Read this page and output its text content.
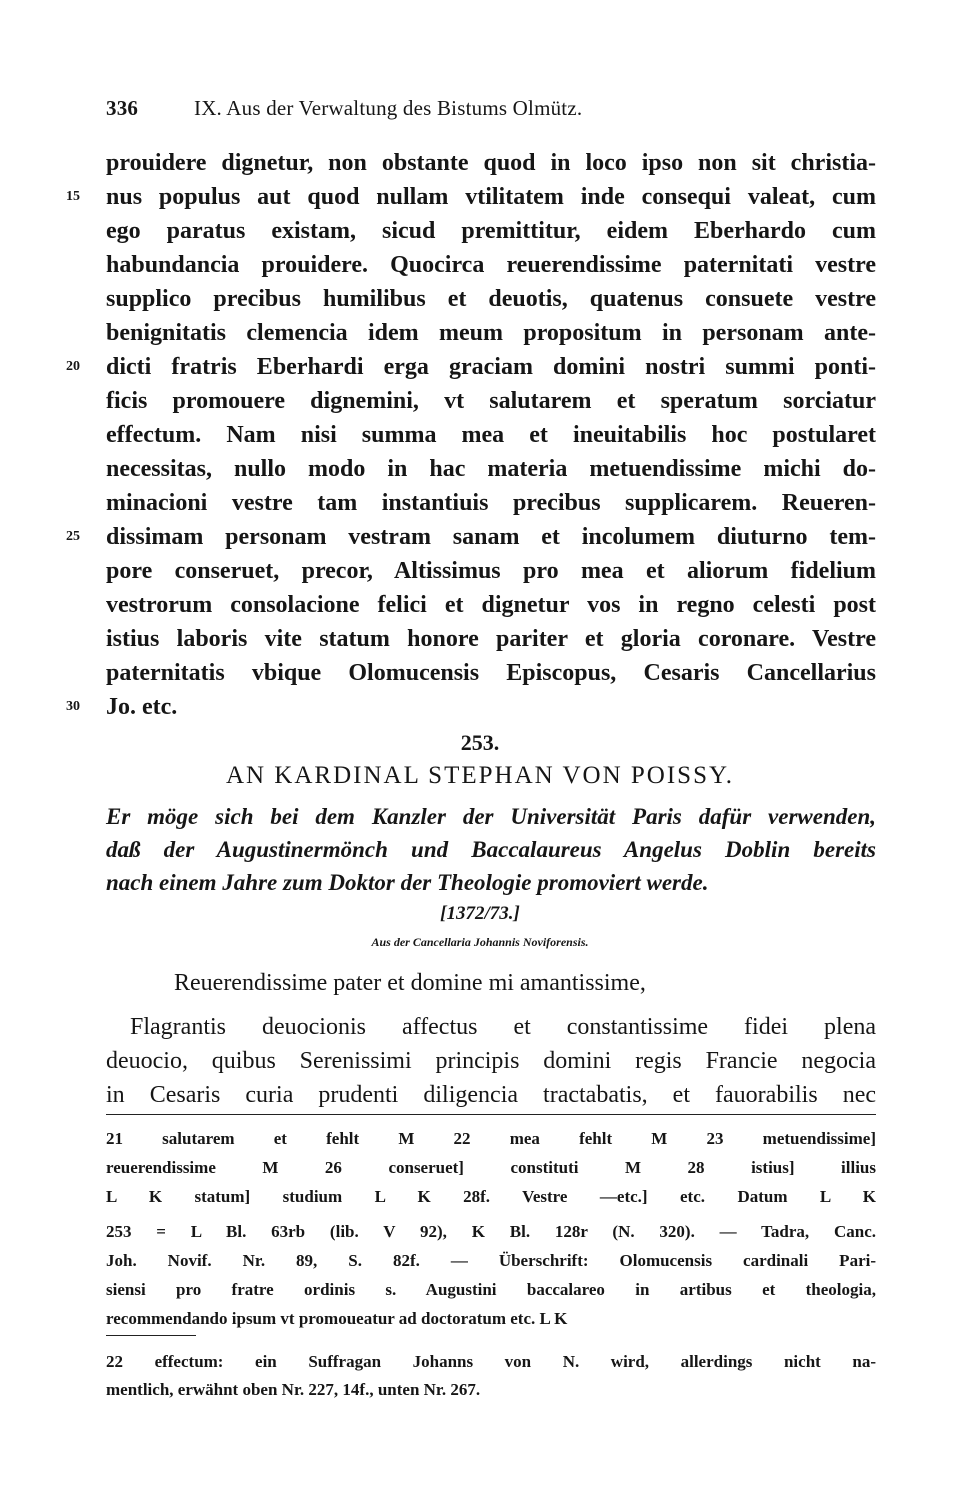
336	IX. Aus der Verwaltung des Bistums Olmütz.
prouidere dignetur, non obstante quod in loco ipso non sit christia-
nus populus aut quod nullam vtilitatem inde consequi valeat, cum
15
ego paratus existam, sicud premittitur, eidem Eberhardo cum
habundancia prouidere. Quocirca reuerendissime paternitati vestre
supplico precibus humilibus et deuotis, quatenus consuete vestre
benignitatis clemencia idem meum propositum in personam ante-
dicti fratris Eberhardi erga graciam domini nostri summi ponti-
20
ficis promouere dignemini, vt salutarem et speratum sorciatur
effectum. Nam nisi summa mea et ineuitabilis hoc postularet
necessitas, nullo modo in hac materia metuendissime michi do-
minacioni vestre tam instantiuis precibus supplicarem. Reueren-
dissimam personam vestram sanam et incolumem diuturno tem-
25
pore conseruet, precor, Altissimus pro mea et aliorum fidelium
vestrorum consolacione felici et dignetur vos in regno celesti post
istius laboris vite statum honore pariter et gloria coronare. Vestre
paternitatis vbique Olomucensis Episcopus, Cesaris Cancellarius
Jo. etc.
30
253.
AN KARDINAL STEPHAN VON POISSY.
Er möge sich bei dem Kanzler der Universität Paris dafür verwenden,
daß der Augustinermönch und Baccalaureus Angelus Doblin bereits
nach einem Jahre zum Doktor der Theologie promoviert werde.
[1372/73.]
Aus der Cancellaria Johannis Noviforensis.
Reuerendissime pater et domine mi amantissime,
Flagrantis deuocionis affectus et constantissime fidei plena
deuocio, quibus Serenissimi principis domini regis Francie negocia
in Cesaris curia prudenti diligencia tractabatis, et fauorabilis nec
21 salutarem et fehlt M 22 mea fehlt M 23 metuendissime]
reuerendissime M 26 conseruet] constituti M 28 istius] illius
L K statum] studium L K 28f. Vestre —etc.] etc. Datum L K
253 = L Bl. 63rb (lib. V 92), K Bl. 128r (N. 320). — Tadra, Canc.
Joh. Novif. Nr. 89, S. 82f. — Überschrift: Olomucensis cardinali Pari-
siensi pro fratre ordinis s. Augustini baccalareo in artibus et theologia,
recommendando ipsum vt promoueatur ad doctoratum etc. L K
22 effectum: ein Suffragan Johanns von N. wird, allerdings nicht na-
mentlich, erwähnt oben Nr. 227, 14f., unten Nr. 267.
